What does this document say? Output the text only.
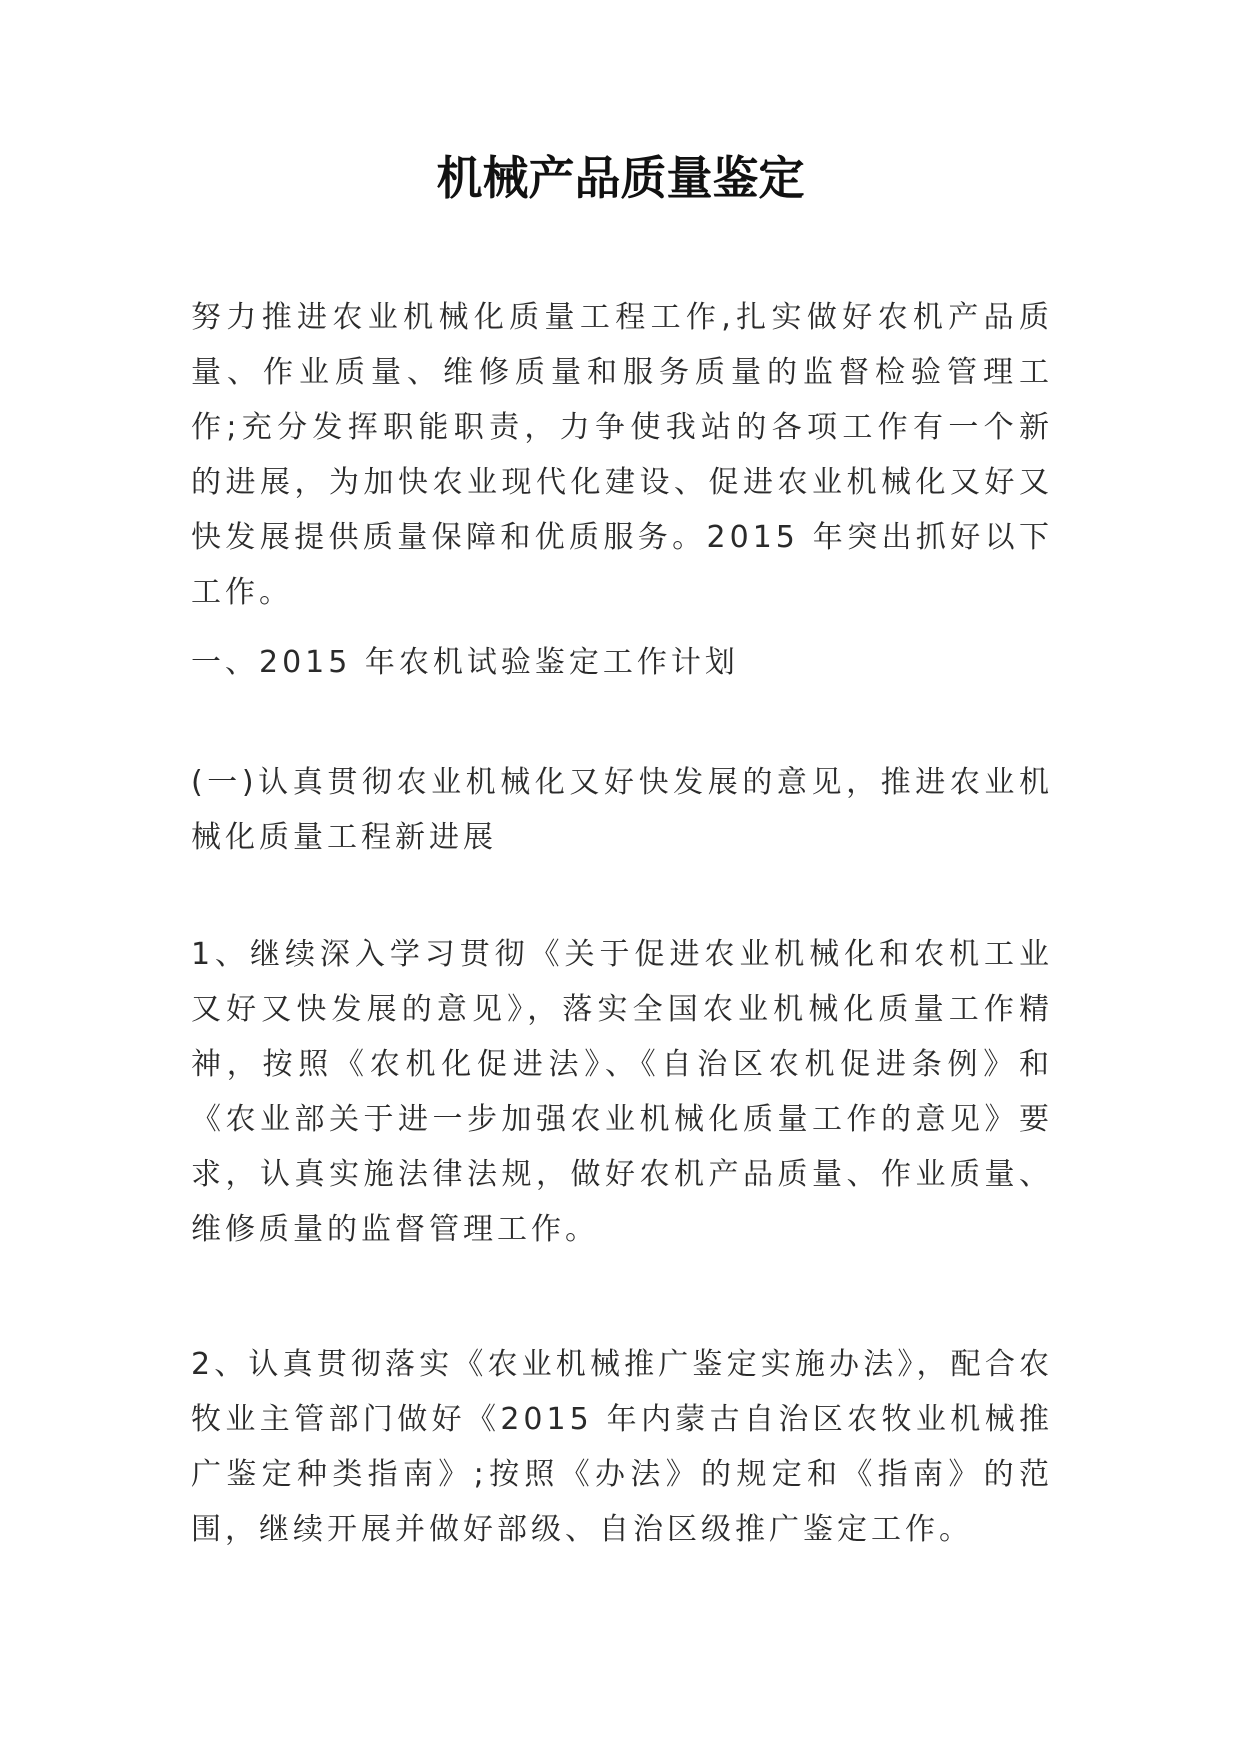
机械产品质量鉴定

努力推进农业机械化质量工程工作,扎实做好农机产品质量、作业质量、维修质量和服务质量的监督检验管理工作;充分发挥职能职责，力争使我站的各项工作有一个新的进展，为加快农业现代化建设、促进农业机械化又好又快发展提供质量保障和优质服务。2015 年突出抓好以下工作。

一、2015 年农机试验鉴定工作计划

(一)认真贯彻农业机械化又好快发展的意见，推进农业机械化质量工程新进展

1、继续深入学习贯彻《关于促进农业机械化和农机工业又好又快发展的意见》，落实全国农业机械化质量工作精神，按照《农机化促进法》、《自治区农机促进条例》和《农业部关于进一步加强农业机械化质量工作的意见》要求，认真实施法律法规，做好农机产品质量、作业质量、维修质量的监督管理工作。

2、认真贯彻落实《农业机械推广鉴定实施办法》，配合农牧业主管部门做好《2015 年内蒙古自治区农牧业机械推广鉴定种类指南》;按照《办法》的规定和《指南》的范围，继续开展并做好部级、自治区级推广鉴定工作。
